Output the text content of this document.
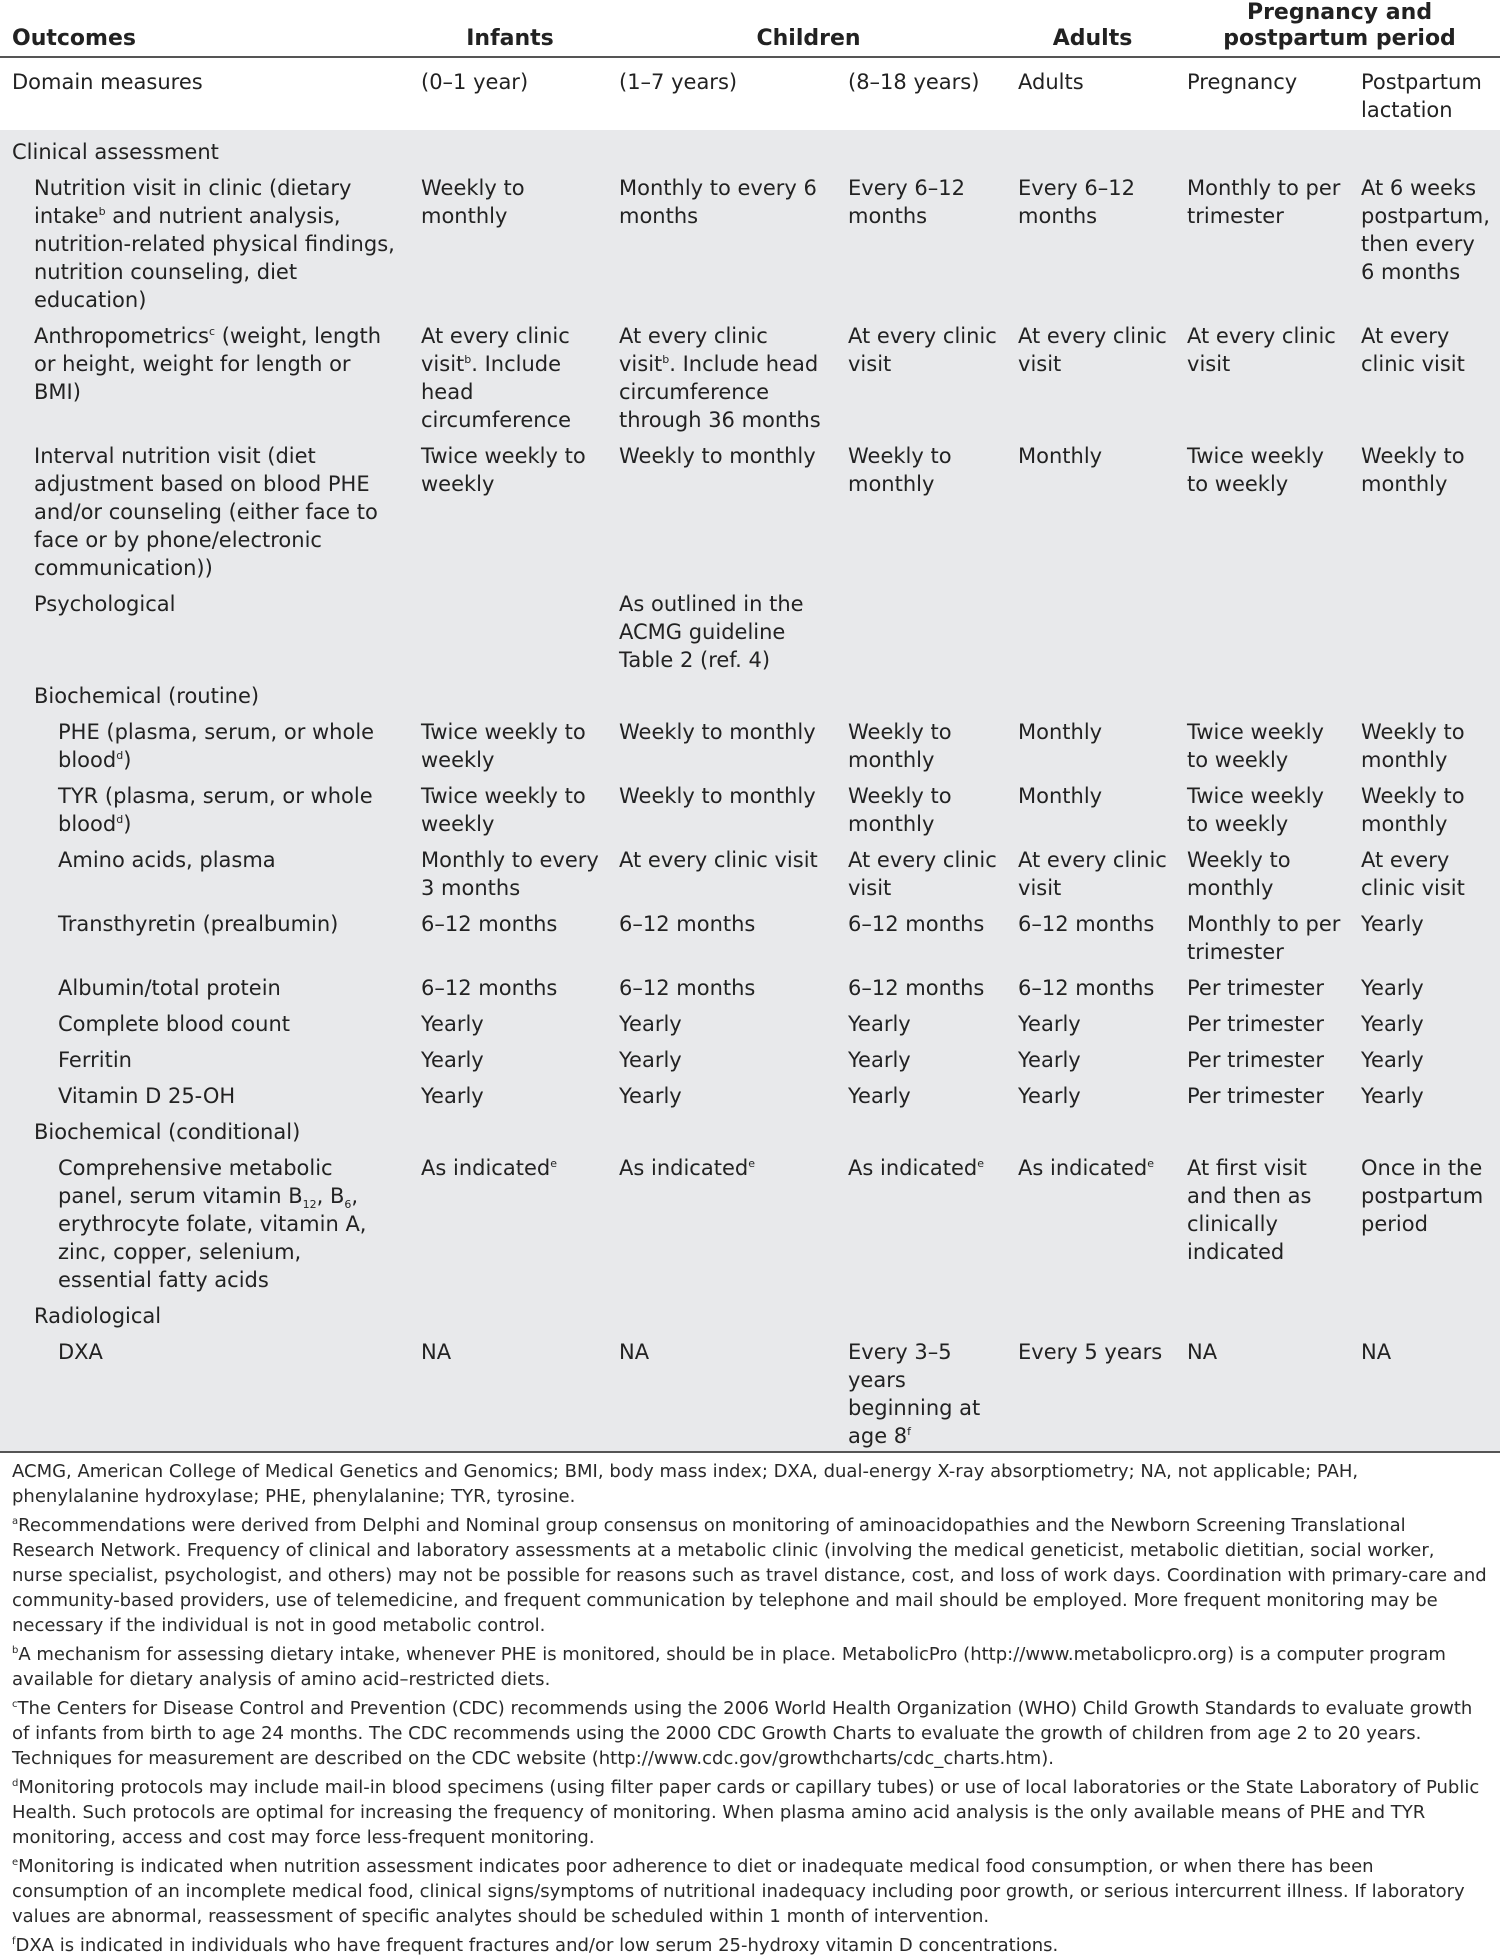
Outcomes	Infants	Children		Adults	Pregnancy and postpartum period	
Domain measures	(0–1 year)	(1–7 years)	(8–18 years)	Adults	Pregnancy	Postpartum lactation
Clinical assessment						
Nutrition visit in clinic (dietary intake$^b$ and nutrient analysis, nutrition-related physical findings, nutrition counseling, diet education)	Weekly to monthly	Monthly to every 6 months	Every 6–12 months	Every 6–12 months	Monthly to per trimester	At 6 weeks postpartum, then every 6 months
Anthropometrics$^c$ (weight, length or height, weight for length or BMI)	At every clinic visit$^b$. Include head circumference	At every clinic visit$^b$. Include head circumference through 36 months	At every clinic visit	At every clinic visit	At every clinic visit	At every clinic visit
Interval nutrition visit (diet adjustment based on blood PHE and/or counseling (either face to face or by phone/electronic communication))	Twice weekly to weekly	Weekly to monthly	Weekly to monthly	Monthly	Twice weekly to weekly	Weekly to monthly
Psychological		As outlined in the ACMG guideline Table 2 (ref. 4)				
Biochemical (routine)						
PHE (plasma, serum, or whole blood$^d$)	Twice weekly to weekly	Weekly to monthly	Weekly to monthly	Monthly	Twice weekly to weekly	Weekly to monthly
TYR (plasma, serum, or whole blood$^d$)	Twice weekly to weekly	Weekly to monthly	Weekly to monthly	Monthly	Twice weekly to weekly	Weekly to monthly
Amino acids, plasma	Monthly to every 3 months	At every clinic visit	At every clinic visit	At every clinic visit	Weekly to monthly	At every clinic visit
Transthyretin (prealbumin)	6–12 months	6–12 months	6–12 months	6–12 months	Monthly to per trimester	Yearly
Albumin/total protein	6–12 months	6–12 months	6–12 months	6–12 months	Per trimester	Yearly
Complete blood count	Yearly	Yearly	Yearly	Yearly	Per trimester	Yearly
Ferritin	Yearly	Yearly	Yearly	Yearly	Per trimester	Yearly
Vitamin D 25-OH	Yearly	Yearly	Yearly	Yearly	Per trimester	Yearly
Biochemical (conditional)						
Comprehensive metabolic panel, serum vitamin $B_{12}$, $B_6$, erythrocyte folate, vitamin A, zinc, copper, selenium, essential fatty acids	As indicated$^e$	As indicated$^e$	As indicated$^e$	As indicated$^e$	At first visit and then as clinically indicated	Once in the postpartum period
Radiological						
DXA	NA	NA	Every 3–5 years beginning at age 8$^f$	Every 5 years	NA	NA

ACMG, American College of Medical Genetics and Genomics; BMI, body mass index; DXA, dual-energy X-ray absorptiometry; NA, not applicable; PAH, phenylalanine hydroxylase; PHE, phenylalanine; TYR, tyrosine.

$^a$Recommendations were derived from Delphi and Nominal group consensus on monitoring of aminoacidopathies and the Newborn Screening Translational Research Network. Frequency of clinical and laboratory assessments at a metabolic clinic (involving the medical geneticist, metabolic dietitian, social worker, nurse specialist, psychologist, and others) may not be possible for reasons such as travel distance, cost, and loss of work days. Coordination with primary-care and community-based providers, use of telemedicine, and frequent communication by telephone and mail should be employed. More frequent monitoring may be necessary if the individual is not in good metabolic control.

$^b$A mechanism for assessing dietary intake, whenever PHE is monitored, should be in place. MetabolicPro (http://www.metabolicpro.org) is a computer program available for dietary analysis of amino acid–restricted diets.

$^c$The Centers for Disease Control and Prevention (CDC) recommends using the 2006 World Health Organization (WHO) Child Growth Standards to evaluate growth of infants from birth to age 24 months. The CDC recommends using the 2000 CDC Growth Charts to evaluate the growth of children from age 2 to 20 years. Techniques for measurement are described on the CDC website (http://www.cdc.gov/growthcharts/cdc_charts.htm).

$^d$Monitoring protocols may include mail-in blood specimens (using filter paper cards or capillary tubes) or use of local laboratories or the State Laboratory of Public Health. Such protocols are optimal for increasing the frequency of monitoring. When plasma amino acid analysis is the only available means of PHE and TYR monitoring, access and cost may force less-frequent monitoring.

$^e$Monitoring is indicated when nutrition assessment indicates poor adherence to diet or inadequate medical food consumption, or when there has been consumption of an incomplete medical food, clinical signs/symptoms of nutritional inadequacy including poor growth, or serious intercurrent illness. If laboratory values are abnormal, reassessment of specific analytes should be scheduled within 1 month of intervention.

$^f$DXA is indicated in individuals who have frequent fractures and/or low serum 25-hydroxy vitamin D concentrations.
